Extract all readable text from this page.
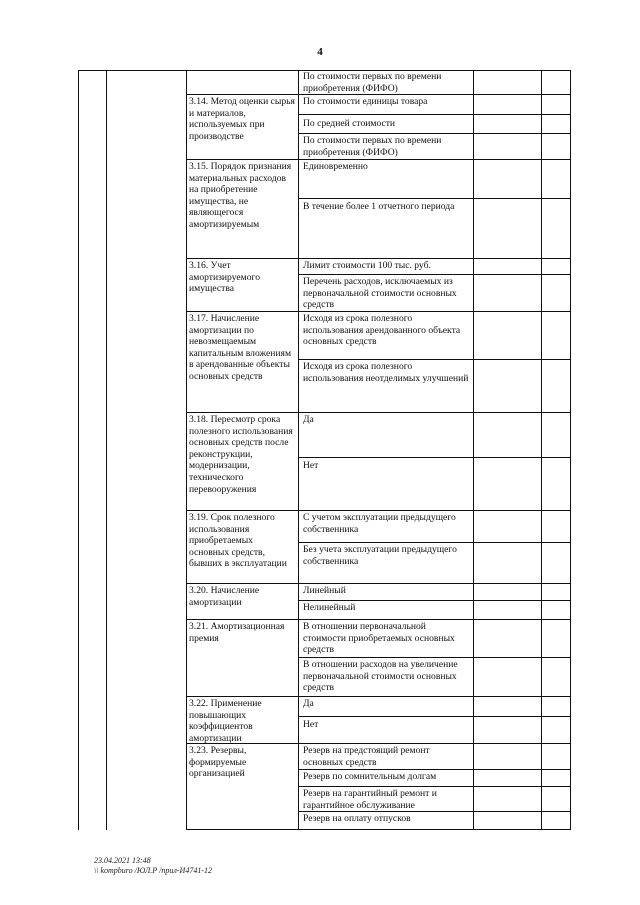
4
По стоимости первых по времени приобретения (ФИФО)
3.14. Метод оценки сырья и материалов, используемых при производстве
По стоимости единицы товара
По средней стоимости
По стоимости первых по времени приобретения (ФИФО)
3.15. Порядок признания материальных расходов на приобретение имущества, не являющегося амортизируемым
Единовременно
В течение более 1 отчетного периода
3.16. Учет амортизируемого имущества
Лимит стоимости 100 тыс. руб.
Перечень расходов, исключаемых из первоначальной стоимости основных средств
3.17. Начисление амортизации по невозмещаемым капитальным вложениям в арендованные объекты основных средств
Исходя из срока полезного использования арендованного объекта основных средств
Исходя из срока полезного использования неотделимых улучшений
3.18. Пересмотр срока полезного использования основных средств после реконструкции, модернизации, технического перевооружения
Да
Нет
3.19. Срок полезного использования приобретаемых основных средств, бывших в эксплуатации
С учетом эксплуатации предыдущего собственника
Без учета эксплуатации предыдущего собственника
3.20. Начисление амортизации
Линейный
Нелинейный
3.21. Амортизационная премия
В отношении первоначальной стоимости приобретаемых основных средств
В отношении расходов на увеличение первоначальной стоимости основных средств
3.22. Применение повышающих коэффициентов амортизации
Да
Нет
3.23. Резервы, формируемые организацией
Резерв на предстоящий ремонт основных средств
Резерв по сомнительным долгам
Резерв на гарантийный ремонт и гарантийное обслуживание
Резерв на оплату отпусков
23.04.2021 13:48
\\ kompburo /ЮЛ.Р /прил-И4741-12
